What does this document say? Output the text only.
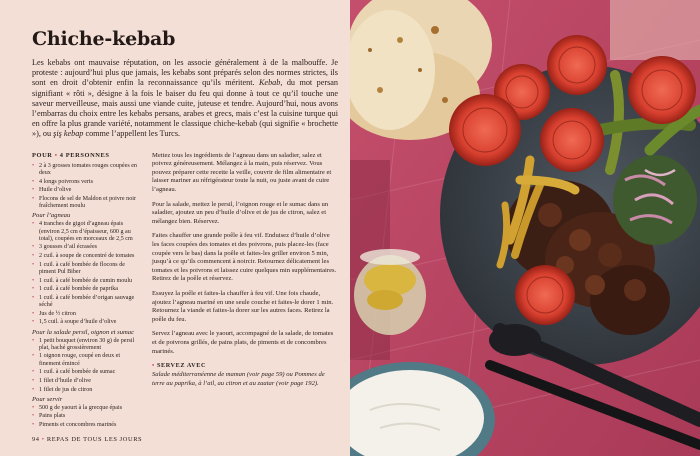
Chiche-kebab

Les kebabs ont mauvaise réputation, on les associe généralement à de la malbouffe. Je proteste : aujourd’hui plus que jamais, les kebabs sont préparés selon des normes strictes, ils sont en droit d’obtenir enfin la reconnaissance qu’ils méritent. Kebab, du mot persan signifiant « rôti », désigne à la fois le baiser du feu qui donne à tout ce qu’il touche une saveur merveilleuse, mais aussi une viande cuite, juteuse et tendre. Aujourd’hui, nous avons l’embarras du choix entre les kebabs persans, arabes et grecs, mais c’est la cuisine turque qui en offre la plus grande variété, notamment le classique chiche-kebab (qui signifie « brochette »), ou şiş kebap comme l’appellent les Turcs.

POUR • 4 PERSONNES
• 2 à 3 grosses tomates rouges coupées en deux
• 4 longs poivrons verts
• Huile d’olive
• Flocons de sel de Maldon et poivre noir fraîchement moulu
Pour l’agneau
• 4 tranches de gigot d’agneau épais (environ 2,5 cm d’épaisseur, 600 g au total), coupées en morceaux de 2,5 cm
• 3 gousses d’ail écrasées
• 2 cuil. à soupe de concentré de tomates
• 1 cuil. à café bombée de flocons de piment Pul Biber
• 1 cuil. à café bombée de cumin moulu
• 1 cuil. à café bombée de paprika
• 1 cuil. à café bombée d’origan sauvage séché
• Jus de ½ citron
• 1,5 cuil. à soupe d’huile d’olive
Pour la salade persil, oignon et sumac
• 1 petit bouquet (environ 30 g) de persil plat, haché grossièrement
• 1 oignon rouge, coupé en deux et finement émincé
• 1 cuil. à café bombée de sumac
• 1 filet d’huile d’olive
• 1 filet de jus de citron
Pour servir
• 500 g de yaourt à la grecque épais
• Pains plats
• Piments et concombres marinés

Mettez tous les ingrédients de l’agneau dans un saladier, salez et poivrez généreusement. Mélangez à la main, puis réservez. Vous pouvez préparer cette recette la veille, couvrir de film alimentaire et laisser mariner au réfrigérateur toute la nuit, ou juste avant de cuire l’agneau.

Pour la salade, mettez le persil, l’oignon rouge et le sumac dans un saladier, ajoutez un peu d’huile d’olive et de jus de citron, salez et mélangez bien. Réservez.

Faites chauffer une grande poêle à feu vif. Enduisez d’huile d’olive les faces coupées des tomates et des poivrons, puis placez-les (face coupée vers le bas) dans la poêle et faites-les griller environ 5 min, jusqu’à ce qu’ils commencent à noircir. Retournez délicatement les tomates et les poivrons et laissez cuire quelques min supplémentaires. Retirez de la poêle et réservez.

Essuyez la poêle et faites-la chauffer à feu vif. Une fois chaude, ajoutez l’agneau mariné en une seule couche et faites-le dorer 1 min. Retournez la viande et faites-la dorer sur les autres faces. Retirez la poêle du feu.

Servez l’agneau avec le yaourt, accompagné de la salade, de tomates et de poivrons grillés, de pains plats, de piments et de concombres marinés.

• SERVEZ AVEC

Salade méditerranéenne de maman (voir page 59) ou Pommes de terre au paprika, à l’ail, au citron et au zaatar (voir page 192).

94 • REPAS DE TOUS LES JOURS
